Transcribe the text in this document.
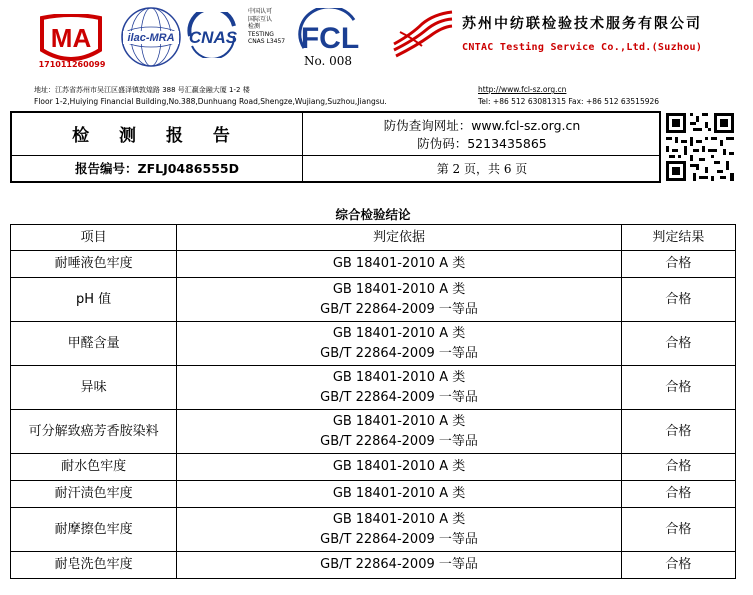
MA
171011260099
ilac-MRA CNAS
中国认可
国际互认
检测
TESTING
CNAS L3457 FCL
No. 008
苏州中纺联检验技术服务有限公司
CNTAC Testing Service Co.,Ltd.(Suzhou)
地址：江苏省苏州市吴江区盛泽镇敦煌路 388 号汇赢金融大厦 1-2 楼
Floor 1-2,Huiying Financial Building,No.388,Dunhuang Road,Shengze,Wujiang,Suzhou,Jiangsu.
http://www.fcl-sz.org.cn
Tel: +86 512 63081315 Fax: +86 512 63515926
检 测 报 告
防伪查询网址：www.fcl-sz.org.cn
防伪码：5213435865
报告编号：ZFLJ0486555D	第 2 页，共 6 页
综合检验结论
项目	判定依据	判定结果
耐唾液色牢度	GB 18401-2010 A 类	合格
pH 值	GB 18401-2010 A 类
GB/T 22864-2009 一等品	合格
甲醛含量	GB 18401-2010 A 类
GB/T 22864-2009 一等品	合格
异味	GB 18401-2010 A 类
GB/T 22864-2009 一等品	合格
可分解致癌芳香胺染料	GB 18401-2010 A 类
GB/T 22864-2009 一等品	合格
耐水色牢度	GB 18401-2010 A 类	合格
耐汗渍色牢度	GB 18401-2010 A 类	合格
耐摩擦色牢度	GB 18401-2010 A 类
GB/T 22864-2009 一等品	合格
耐皂洗色牢度	GB/T 22864-2009 一等品	合格
